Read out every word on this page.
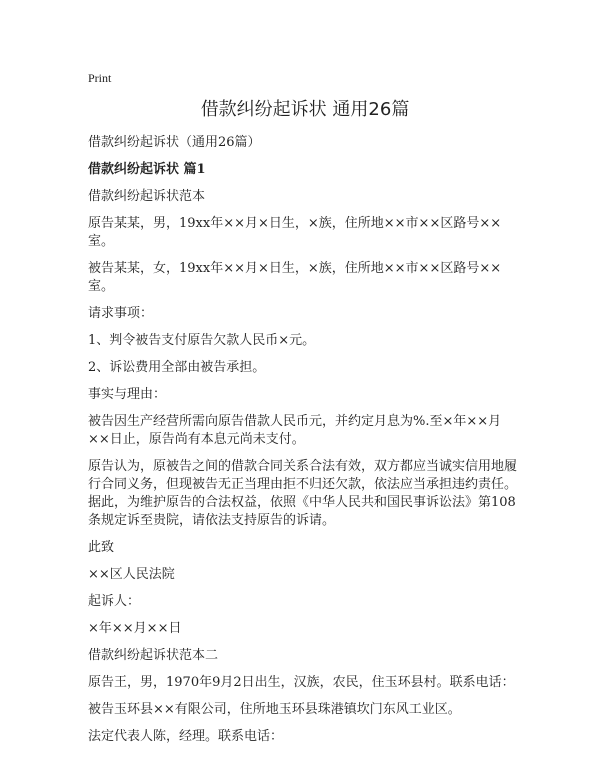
Print
借款纠纷起诉状 通用26篇

借款纠纷起诉状（通用26篇）

借款纠纷起诉状 篇1

借款纠纷起诉状范本

原告某某，男，19xx年××月×日生，×族，住所地××市××区路号××室。

被告某某，女，19xx年××月×日生，×族，住所地××市××区路号××室。

请求事项：

1、判令被告支付原告欠款人民币×元。

2、诉讼费用全部由被告承担。

事实与理由：

被告因生产经营所需向原告借款人民币元，并约定月息为%.至×年××月××日止，原告尚有本息元尚未支付。

原告认为，原被告之间的借款合同关系合法有效，双方都应当诚实信用地履行合同义务，但现被告无正当理由拒不归还欠款，依法应当承担违约责任。据此，为维护原告的合法权益，依照《中华人民共和国民事诉讼法》第108条规定诉至贵院，请依法支持原告的诉请。

此致

××区人民法院

起诉人：

×年××月××日

借款纠纷起诉状范本二

原告王，男，1970年9月2日出生，汉族，农民，住玉环县村。联系电话：

被告玉环县××有限公司，住所地玉环县珠港镇坎门东风工业区。

法定代表人陈，经理。联系电话：
